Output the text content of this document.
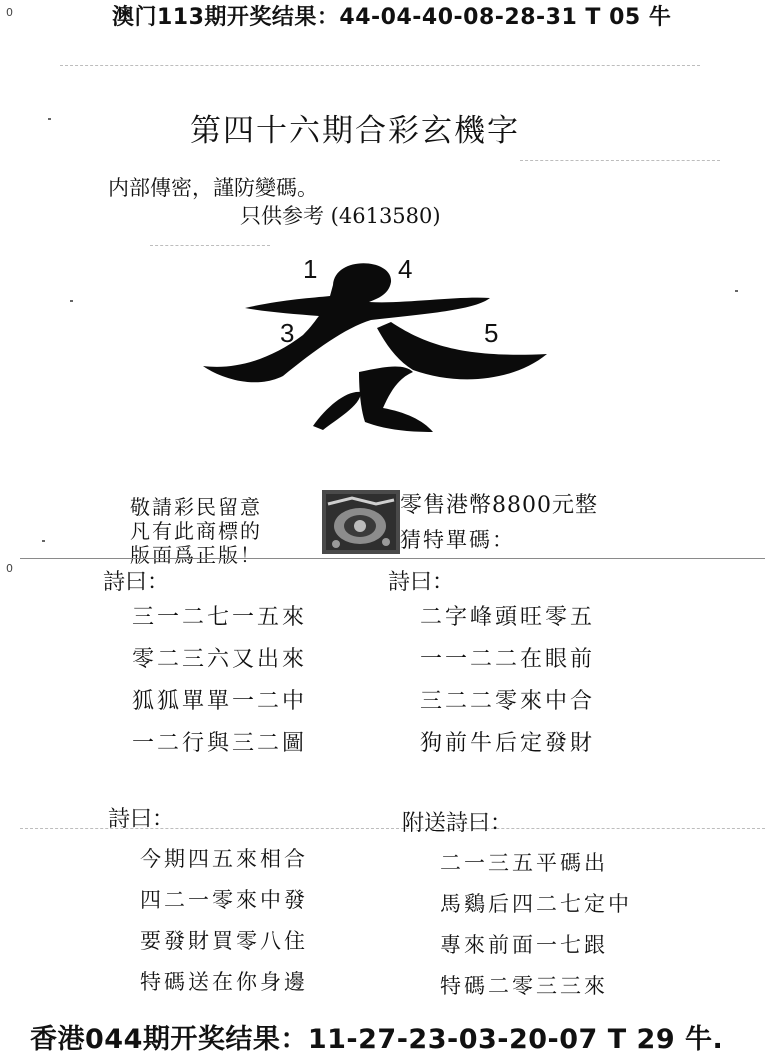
澳门113期开奖结果：44-04-40-08-28-31 T 05 牛
0
0
第四十六期合彩玄機字
内部傳密，謹防變碼。
只供参考 (4613580)
1	4
3	5
敬請彩民留意
凡有此商標的
版面爲正版！
零售港幣8800元整
猜特單碼：
詩曰：
三一二七一五來
零二三六又出來
狐狐單單一二中
一二行與三二圖
詩曰：
二字峰頭旺零五
一一二二在眼前
三二二零來中合
狗前牛后定發財
詩曰：
今期四五來相合
四二一零來中發
要發財買零八住
特碼送在你身邊
附送詩曰：
二一三五平碼出
馬鷄后四二七定中
專來前面一七跟
特碼二零三三來
香港044期开奖结果：11-27-23-03-20-07 T 29 牛.
